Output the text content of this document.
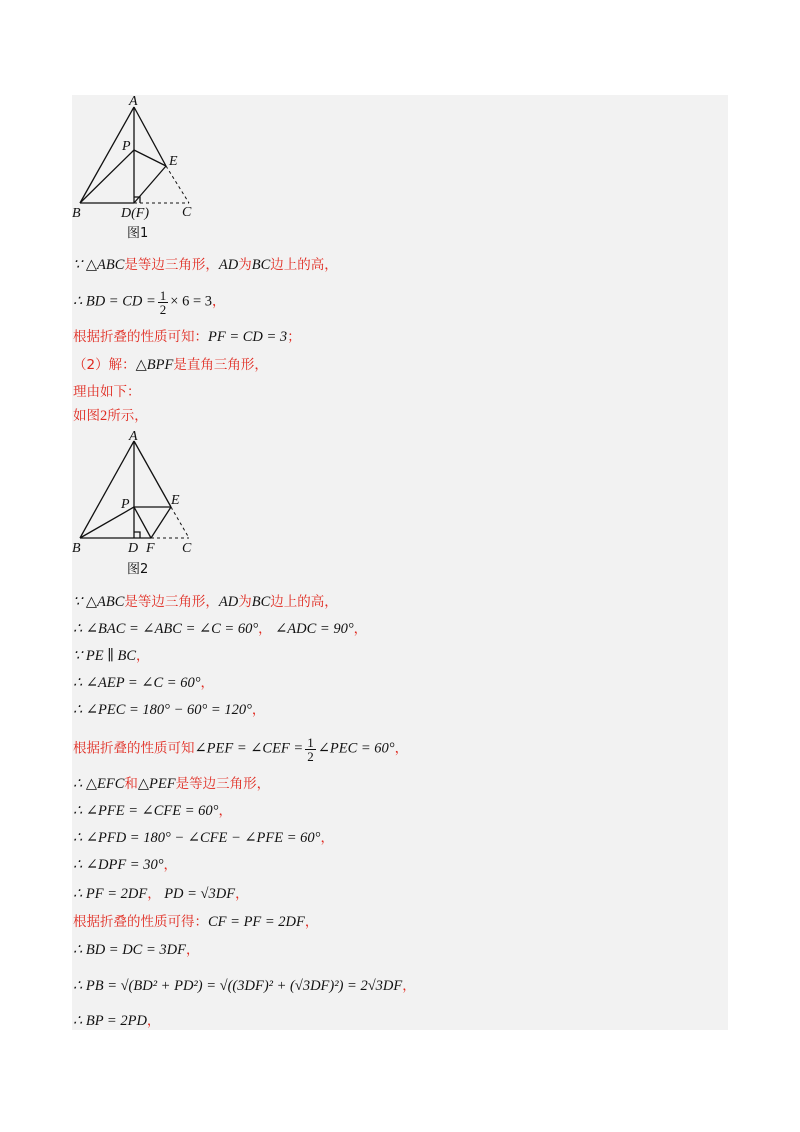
A
P
E
B	D(F) C
图1
∵ △ABC是等边三角形，AD为BC边上的高，
∴ BD = CD = $\frac{1}{2} \times 6 = 3$，
根据折叠的性质可知：PF = CD = 3；
（2）解：△BPF是直角三角形，
理由如下：
如图2所示，
A
P	E
B	D F C
图2
∵ △ABC是等边三角形，AD为BC边上的高，
∴ ∠BAC = ∠ABC = ∠C = 60°， ∠ADC = 90°，
∵ PE ∥ BC，
∴ ∠AEP = ∠C = 60°，
∴ ∠PEC = 180° − 60° = 120°，
根据折叠的性质可知∠PEF = ∠CEF = $\frac{1}{2}$ ∠PEC = 60°，
∴ △EFC和△PEF是等边三角形，
∴ ∠PFE = ∠CFE = 60°，
∴ ∠PFD = 180° − ∠CFE − ∠PFE = 60°，
∴ ∠DPF = 30°，
∴ PF = 2DF， PD = √3DF，
根据折叠的性质可得：CF = PF = 2DF，
∴ BD = DC = 3DF，
∴ PB = √(BD² + PD²) = √((3DF)² + (√3DF)²) = 2√3DF，
∴ BP = 2PD，
